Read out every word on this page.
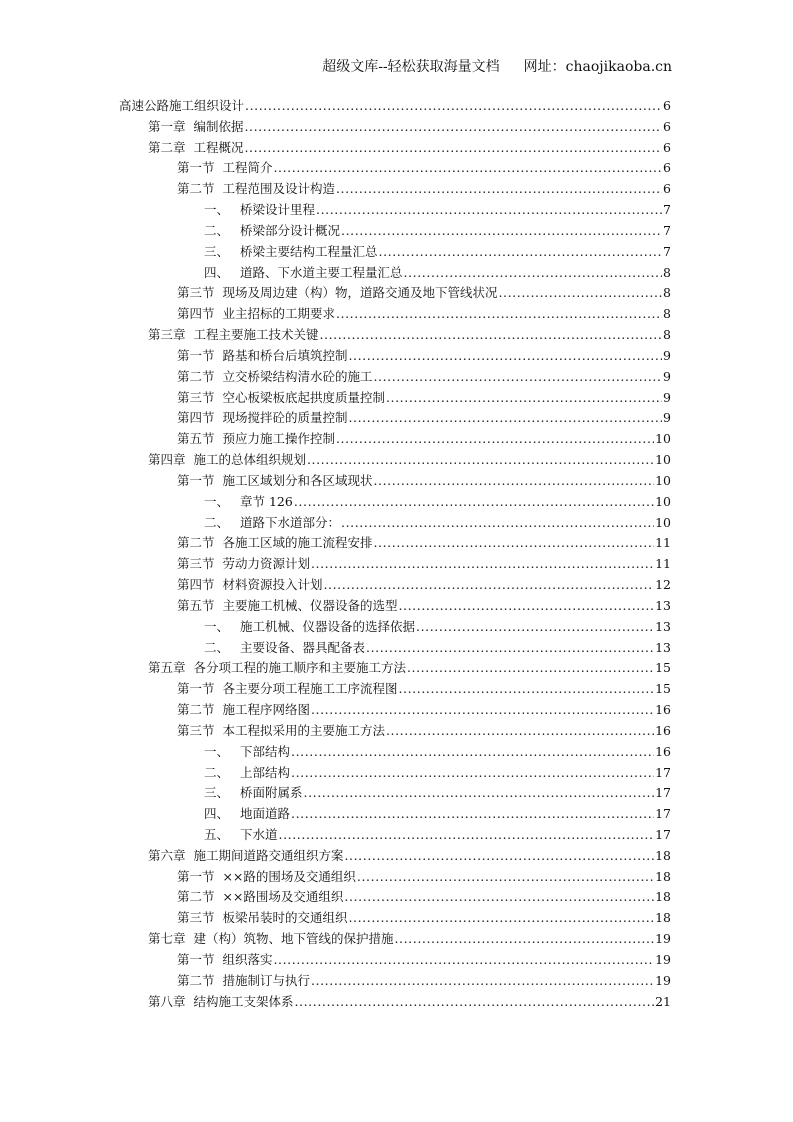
超级文库--轻松获取海量文档 网址：chaojikaoba.cn
高速公路施工组织设计 .....	6
第一章  编制依据 .....	6
第二章  工程概况 .....	6
第一节  工程简介 .....	6
第二节  工程范围及设计构造 .....	6
一、 桥梁设计里程 .....	7
二、 桥梁部分设计概况 .....	7
三、 桥梁主要结构工程量汇总 .....	7
四、 道路、下水道主要工程量汇总 .....	8
第三节  现场及周边建（构）物，道路交通及地下管线状况 .....	8
第四节  业主招标的工期要求 .....	8
第三章  工程主要施工技术关键 .....	8
第一节  路基和桥台后填筑控制 .....	9
第二节  立交桥梁结构清水砼的施工 .....	9
第三节  空心板梁板底起拱度质量控制 .....	9
第四节  现场搅拌砼的质量控制 .....	9
第五节  预应力施工操作控制 .....	10
第四章  施工的总体组织规划 .....	10
第一节  施工区域划分和各区域现状 .....	10
一、 章节 126 .....	10
二、 道路下水道部分： .....	10
第二节  各施工区域的施工流程安排 .....	11
第三节  劳动力资源计划 .....	11
第四节  材料资源投入计划 .....	12
第五节  主要施工机械、仪器设备的选型 .....	13
一、 施工机械、仪器设备的选择依据 .....	13
二、 主要设备、器具配备表 .....	13
第五章  各分项工程的施工顺序和主要施工方法 .....	15
第一节  各主要分项工程施工工序流程图 .....	15
第二节  施工程序网络图 .....	16
第三节  本工程拟采用的主要施工方法 .....	16
一、 下部结构 .....	16
二、 上部结构 .....	17
三、 桥面附属系 .....	17
四、 地面道路 .....	17
五、 下水道 .....	17
第六章  施工期间道路交通组织方案 .....	18
第一节  ××路的围场及交通组织 .....	18
第二节  ××路围场及交通组织 .....	18
第三节  板梁吊装时的交通组织 .....	18
第七章  建（构）筑物、地下管线的保护措施 .....	19
第一节  组织落实 .....	19
第二节  措施制订与执行 .....	19
第八章  结构施工支架体系 .....	21
